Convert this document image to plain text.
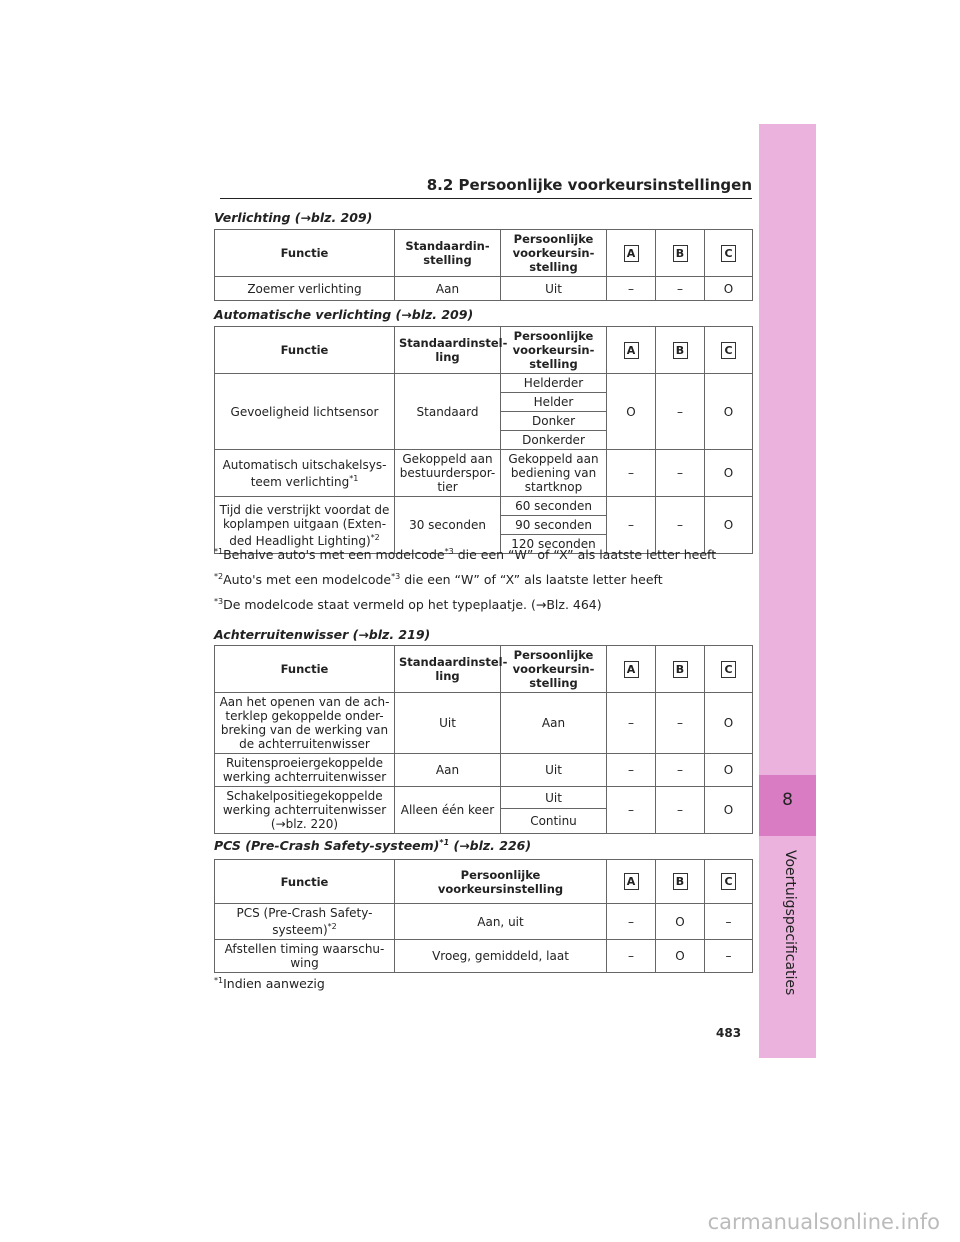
8
Voertuigspecificaties
8.2 Persoonlijke voorkeursinstellingen
Verlichting (→blz. 209)
Functie	Standaardin- stelling	Persoonlijke voorkeursin- stelling	A	B	C
Zoemer verlichting	Aan	Uit	–	–	O
Automatische verlichting (→blz. 209)
Functie	Standaardinstel- ling	Persoonlijke voorkeursin- stelling	A	B	C
Gevoeligheid lichtsensor	Standaard	Helderder	O	–	O
		Helder			
		Donker			
		Donkerder			
Automatisch uitschakelsys- teem verlichting$^{*1}$	Gekoppeld aan bestuurderspor- tier	Gekoppeld aan bediening van startknop	–	–	O
Tijd die verstrijkt voordat de koplampen uitgaan (Exten- ded Headlight Lighting)$^{*2}$	30 seconden	60 seconden	–	–	O
		90 seconden			
		120 seconden			
$^{*1}$Behalve auto's met een modelcode$^{*3}$ die een “W” of “X” als laatste letter heeft
$^{*2}$Auto's met een modelcode$^{*3}$ die een “W” of “X” als laatste letter heeft
$^{*3}$De modelcode staat vermeld op het typeplaatje. (→Blz. 464)
Achterruitenwisser (→blz. 219)
Functie	Standaardinstel- ling	Persoonlijke voorkeursin- stelling	A	B	C
Aan het openen van de ach- terklep gekoppelde onder- breking van de werking van de achterruitenwisser	Uit	Aan	–	–	O
Ruitensproeiergekoppelde werking achterruitenwisser	Aan	Uit	–	–	O
Schakelpositiegekoppelde werking achterruitenwisser (→blz. 220)	Alleen één keer	Uit	–	–	O
		Continu			
PCS (Pre-Crash Safety-systeem)$^{*1}$ (→blz. 226)
Functie	Persoonlijke voorkeursinstelling	A	B	C
PCS (Pre-Crash Safety- systeem)$^{*2}$	Aan, uit	–	O	–
Afstellen timing waarschu- wing	Vroeg, gemiddeld, laat	–	O	–
$^{*1}$Indien aanwezig
483
carmanualsonline.info
